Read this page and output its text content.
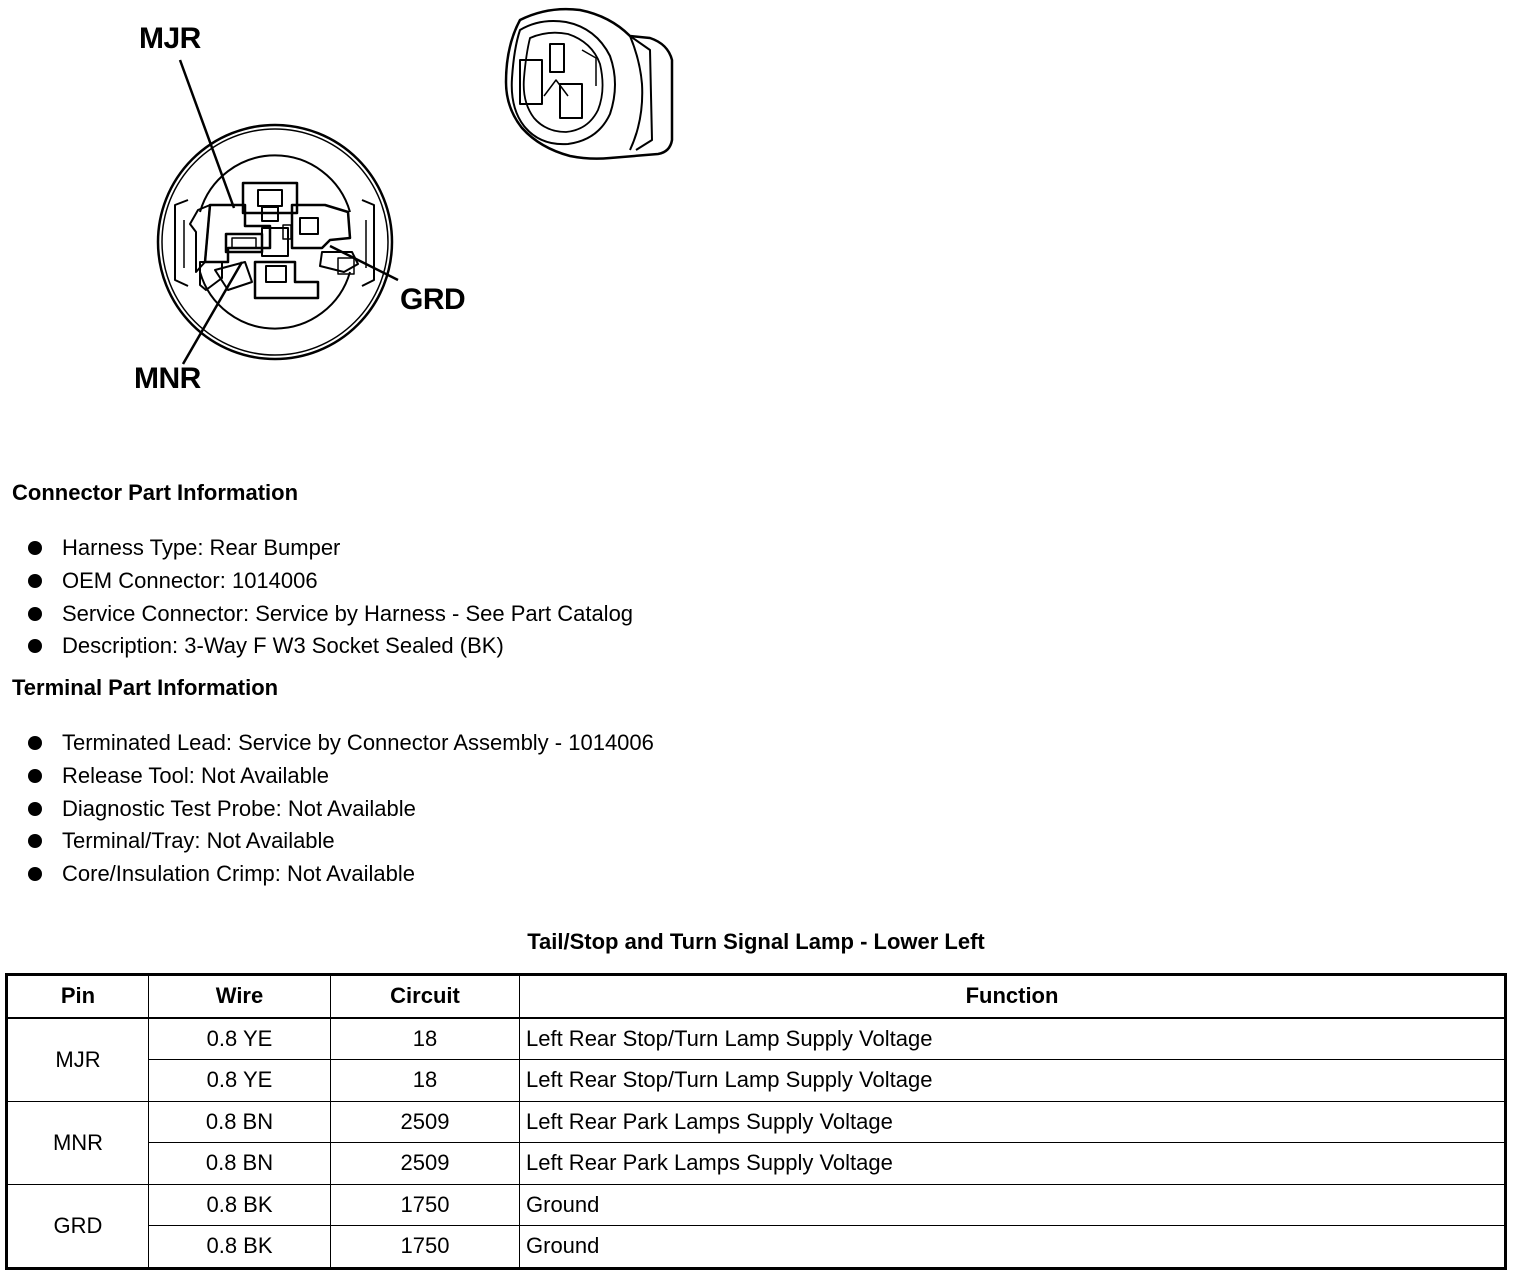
MJR
GRD
MNR
Connector Part Information
Harness Type: Rear Bumper
OEM Connector: 1014006
Service Connector: Service by Harness - See Part Catalog
Description: 3-Way F W3 Socket Sealed (BK)
Terminal Part Information
Terminated Lead: Service by Connector Assembly - 1014006
Release Tool: Not Available
Diagnostic Test Probe: Not Available
Terminal/Tray: Not Available
Core/Insulation Crimp: Not Available
Tail/Stop and Turn Signal Lamp - Lower Left
Pin	Wire	Circuit	Function
MJR	0.8 YE	18	Left Rear Stop/Turn Lamp Supply Voltage
	0.8 YE	18	Left Rear Stop/Turn Lamp Supply Voltage
MNR	0.8 BN	2509	Left Rear Park Lamps Supply Voltage
	0.8 BN	2509	Left Rear Park Lamps Supply Voltage
GRD	0.8 BK	1750	Ground
	0.8 BK	1750	Ground
